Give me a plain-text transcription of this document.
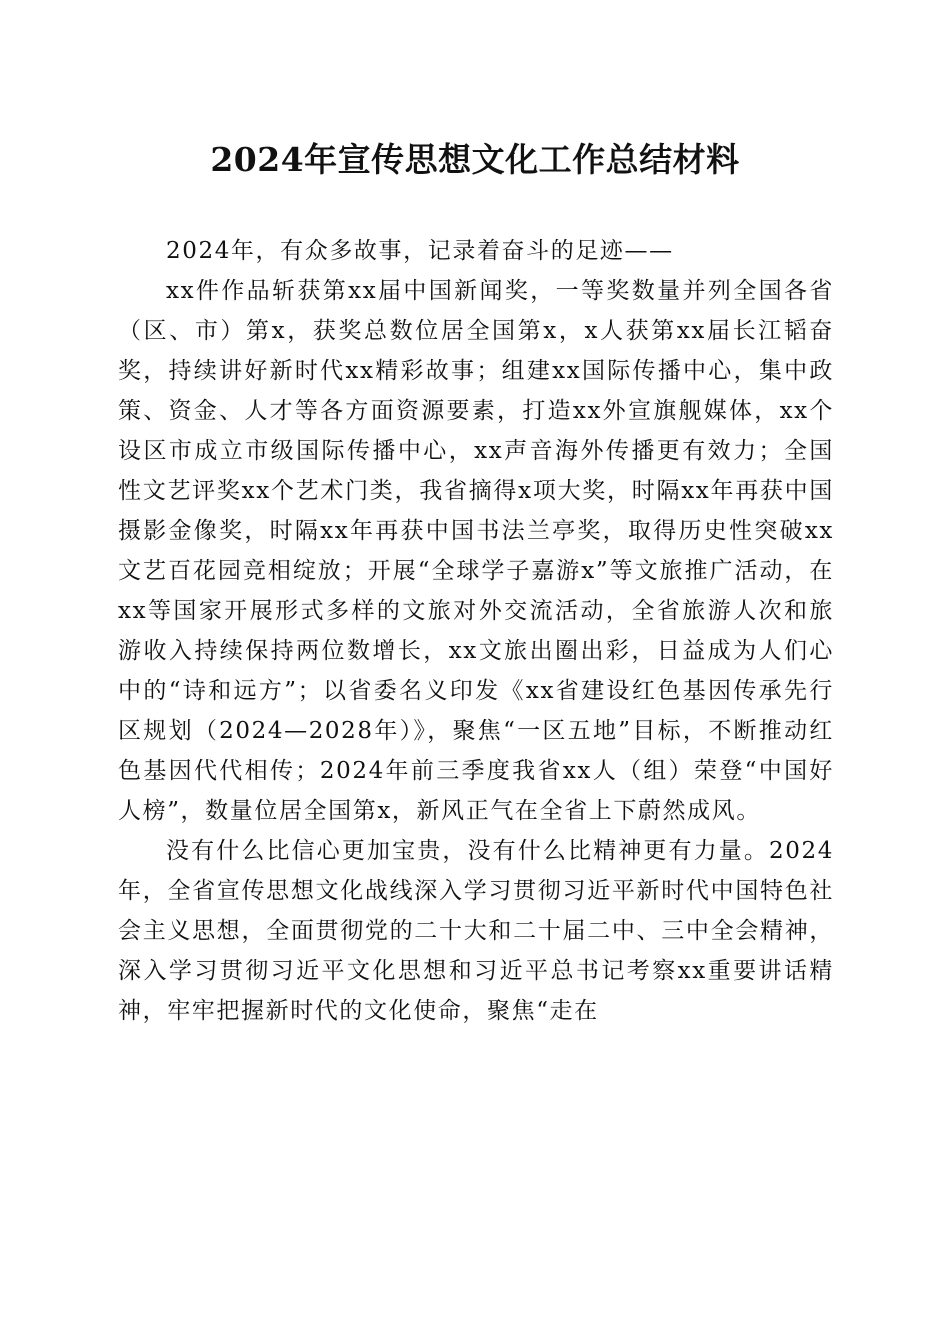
2024年宣传思想文化工作总结材料

2024年，有众多故事，记录着奋斗的足迹——

xx件作品斩获第xx届中国新闻奖，一等奖数量并列全国各省（区、市）第x，获奖总数位居全国第x，x人获第xx届长江韬奋奖，持续讲好新时代xx精彩故事；组建xx国际传播中心，集中政策、资金、人才等各方面资源要素，打造xx外宣旗舰媒体，xx个设区市成立市级国际传播中心，xx声音海外传播更有效力；全国性文艺评奖xx个艺术门类，我省摘得x项大奖，时隔xx年再获中国摄影金像奖，时隔xx年再获中国书法兰亭奖，取得历史性突破xx文艺百花园竞相绽放；开展“全球学子嘉游x”等文旅推广活动，在xx等国家开展形式多样的文旅对外交流活动，全省旅游人次和旅游收入持续保持两位数增长，xx文旅出圈出彩，日益成为人们心中的“诗和远方”；以省委名义印发《xx省建设红色基因传承先行区规划（2024—2028年）》，聚焦“一区五地”目标，不断推动红色基因代代相传；2024年前三季度我省xx人（组）荣登“中国好人榜”，数量位居全国第x，新风正气在全省上下蔚然成风。

没有什么比信心更加宝贵，没有什么比精神更有力量。2024年，全省宣传思想文化战线深入学习贯彻习近平新时代中国特色社会主义思想，全面贯彻党的二十大和二十届二中、三中全会精神，深入学习贯彻习近平文化思想和习近平总书记考察xx重要讲话精神，牢牢把握新时代的文化使命，聚焦“走在
